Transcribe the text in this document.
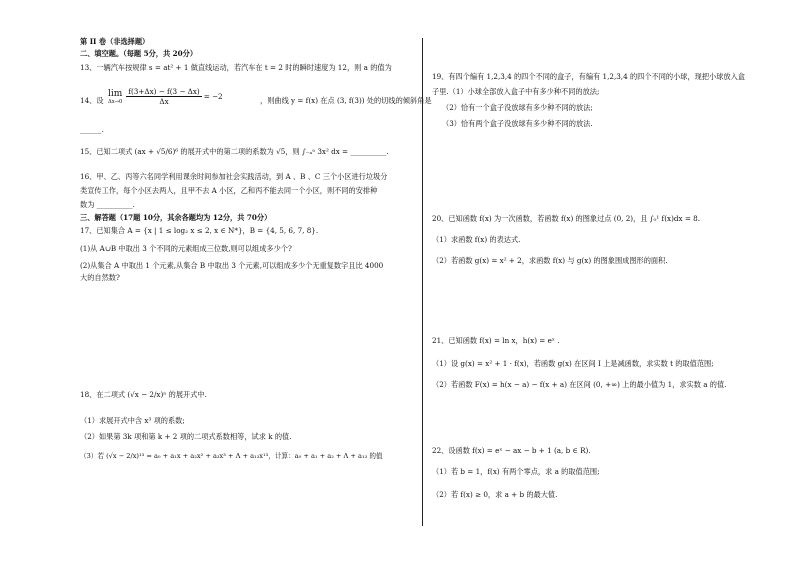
第 II 卷（非选择题）
二、填空题。（每题 5分，共 20分）
13、一辆汽车按规律 s = at² + 1 做直线运动，若汽车在 t = 2 时的瞬时速度为 12，则 a 的值为
14、设
lim
$\Delta x\to 0 \frac{f(3+\Delta x) - f(3 - \Delta x)}{\Delta x} = -2$	，则曲线 y = f(x) 在点 (3, f(3)) 处的切线的倾斜角是
______.
15、已知二项式 (ax + √5/6)⁶ 的展开式中的第二项的系数为 √5，则 ∫₋ₐᵃ 3x² dx = __________.
16、甲、乙、丙等六名同学利用课余时间参加社会实践活动，到 A 、B 、C 三个小区进行垃圾分
类宣传工作，每个小区去两人，且甲不去 A 小区，乙和丙不能去同一个小区，则不同的安排种
数为 __________.
三、解答题（17题 10分，其余各题均为 12分，共 70分）
17、已知集合 A = {x | 1 ≤ log₂ x ≤ 2, x ∈ N*}，B = {4, 5, 6, 7, 8}.
(1)从 A∪B 中取出 3 个不同的元素组成三位数,则可以组成多少个?
(2)从集合 A 中取出 1 个元素,从集合 B 中取出 3 个元素,可以组成多少个无重复数字且比 4000
大的自然数?
18、在二项式 (√x − 2/x)ⁿ 的展开式中.
（1）求展开式中含 x³ 项的系数;
（2）如果第 3k 项和第 k + 2 项的二项式系数相等，试求 k 的值.
（3）若 (√x − 2/x)¹³ = a₀ + a₁x + a₂x² + a₃x³ + Λ + a₁₃x¹³，计算：a₀ + a₁ + a₂ + Λ + a₁₃ 的值
19、有四个编有 1,2,3,4 的四个不同的盒子，有编有 1,2,3,4 的四个不同的小球，现把小球放入盒
子里.（1）小球全部放入盒子中有多少种不同的放法;
（2）恰有一个盒子没放球有多少种不同的放法;
（3）恰有两个盒子没放球有多少种不同的放法.
20、已知函数 f(x) 为一次函数，若函数 f(x) 的图象过点 (0, 2)，且 ∫₀¹ f(x)dx = 8.
（1）求函数 f(x) 的表达式.
（2）若函数 g(x) = x² + 2，求函数 f(x) 与 g(x) 的图象围成图形的面积.
21、已知函数 f(x) = ln x，h(x) = eˣ .
（1）设 g(x) = x² + 1 · f(x)，若函数 g(x) 在区间 I 上是减函数，求实数 t 的取值范围;
（2）若函数 F(x) = h(x − a) − f(x + a) 在区间 (0, +∞) 上的最小值为 1，求实数 a 的值.
22、设函数 f(x) = eˣ − ax − b + 1 (a, b ∈ R).
（1）若 b = 1，f(x) 有两个零点，求 a 的取值范围;
（2）若 f(x) ≥ 0，求 a + b 的最大值.
